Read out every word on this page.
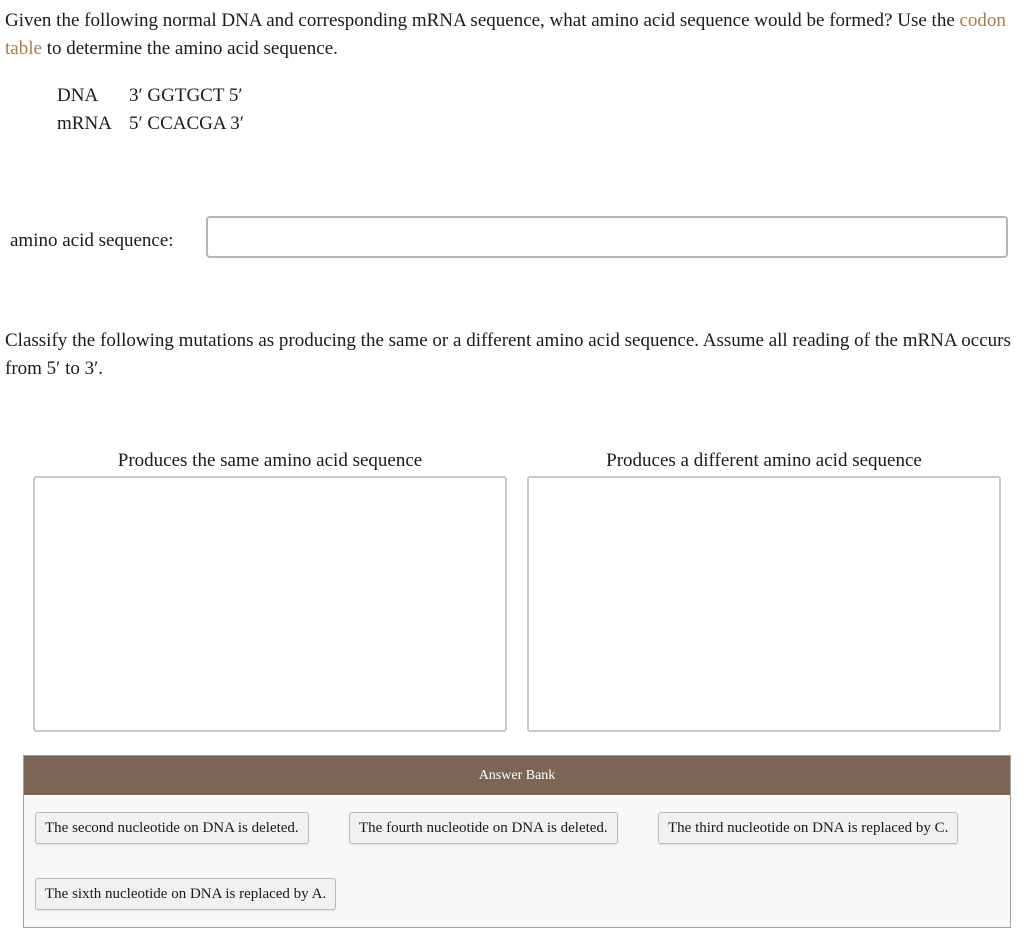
Given the following normal DNA and corresponding mRNA sequence, what amino acid sequence would be formed? Use the codon table to determine the amino acid sequence.
DNA 3′ GGTGCT 5′
mRNA 5′ CCACGA 3′
amino acid sequence:
Classify the following mutations as producing the same or a different amino acid sequence. Assume all reading of the mRNA occurs from 5′ to 3′.
Produces the same amino acid sequence	Produces a different amino acid sequence
Answer Bank
The second nucleotide on DNA is deleted.	The fourth nucleotide on DNA is deleted.	The third nucleotide on DNA is replaced by C.
The sixth nucleotide on DNA is replaced by A.
